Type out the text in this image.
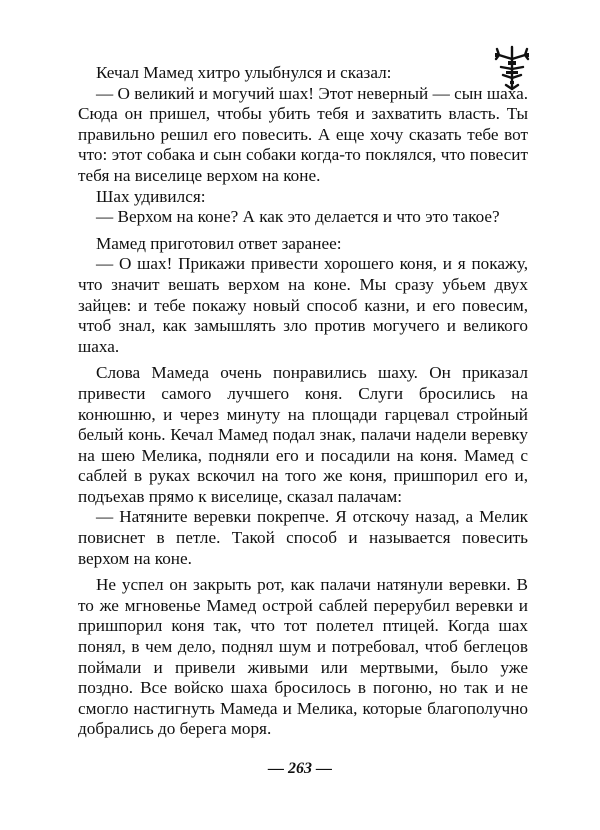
Кечал Мамед хитро улыбнулся и сказал:

— О великий и могучий шах! Этот неверный — сын шаха. Сюда он пришел, чтобы убить тебя и захватить власть. Ты правильно решил его повесить. А еще хочу сказать тебе вот что: этот собака и сын собаки когда-то поклялся, что повесит тебя на виселице верхом на коне.

Шах удивился:

— Верхом на коне? А как это делается и что это такое?

Мамед приготовил ответ заранее:

— О шах! Прикажи привести хорошего коня, и я покажу, что значит вешать верхом на коне. Мы сразу убьем двух зайцев: и тебе покажу новый способ казни, и его повесим, чтоб знал, как замышлять зло против могучего и великого шаха.

Слова Мамеда очень понравились шаху. Он приказал привести самого лучшего коня. Слуги бросились на конюшню, и через минуту на площади гарцевал стройный белый конь. Кечал Мамед подал знак, палачи надели веревку на шею Мелика, подняли его и посадили на коня. Мамед с саблей в руках вскочил на того же коня, пришпорил его и, подъехав прямо к виселице, сказал палачам:

— Натяните веревки покрепче. Я отскочу назад, а Мелик повиснет в петле. Такой способ и называется повесить верхом на коне.

Не успел он закрыть рот, как палачи натянули веревки. В то же мгновенье Мамед острой саблей перерубил веревки и пришпорил коня так, что тот полетел птицей. Когда шах понял, в чем дело, поднял шум и потребовал, чтоб беглецов поймали и привели живыми или мертвыми, было уже поздно. Все войско шаха бросилось в погоню, но так и не смогло настигнуть Мамеда и Мелика, которые благополучно добрались до берега моря.

— 263 —
